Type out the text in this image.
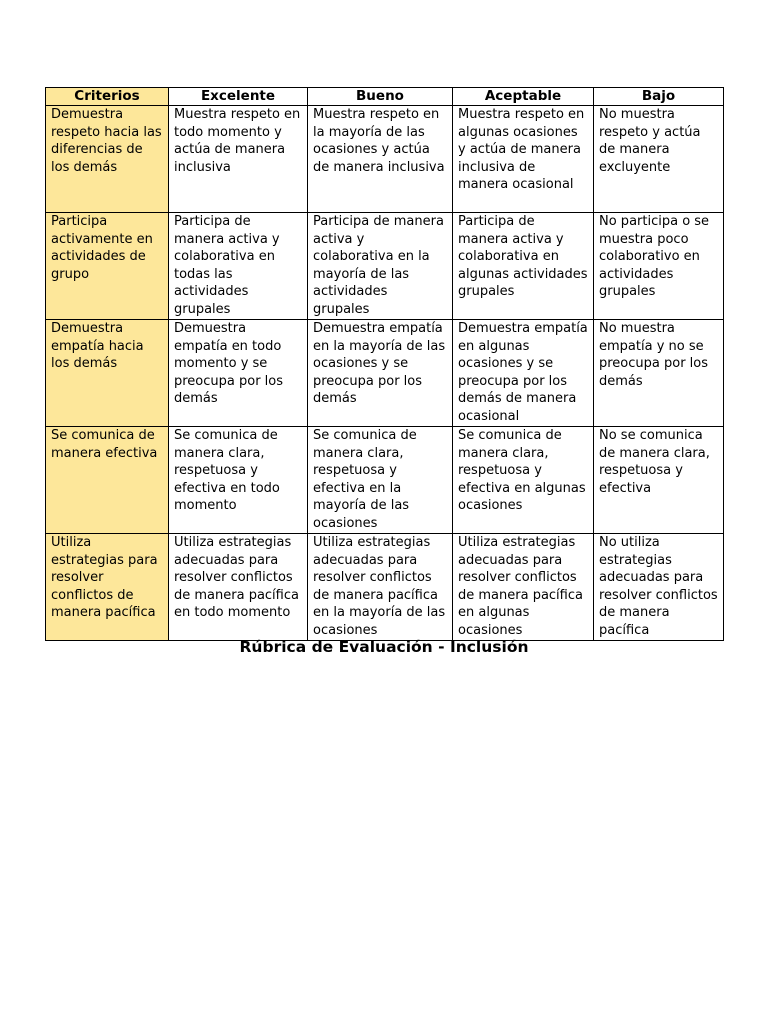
Criterios	Excelente	Bueno	Aceptable	Bajo
Demuestra respeto hacia las diferencias de los demás	Muestra respeto en todo momento y actúa de manera inclusiva	Muestra respeto en la mayoría de las ocasiones y actúa de manera inclusiva	Muestra respeto en algunas ocasiones y actúa de manera inclusiva de manera ocasional	No muestra respeto y actúa de manera excluyente
Participa activamente en actividades de grupo	Participa de manera activa y colaborativa en todas las actividades grupales	Participa de manera activa y colaborativa en la mayoría de las actividades grupales	Participa de manera activa y colaborativa en algunas actividades grupales	No participa o se muestra poco colaborativo en actividades grupales
Demuestra empatía hacia los demás	Demuestra empatía en todo momento y se preocupa por los demás	Demuestra empatía en la mayoría de las ocasiones y se preocupa por los demás	Demuestra empatía en algunas ocasiones y se preocupa por los demás de manera ocasional	No muestra empatía y no se preocupa por los demás
Se comunica de manera efectiva	Se comunica de manera clara, respetuosa y efectiva en todo momento	Se comunica de manera clara, respetuosa y efectiva en la mayoría de las ocasiones	Se comunica de manera clara, respetuosa y efectiva en algunas ocasiones	No se comunica de manera clara, respetuosa y efectiva
Utiliza estrategias para resolver conflictos de manera pacífica	Utiliza estrategias adecuadas para resolver conflictos de manera pacífica en todo momento	Utiliza estrategias adecuadas para resolver conflictos de manera pacífica en la mayoría de las ocasiones	Utiliza estrategias adecuadas para resolver conflictos de manera pacífica en algunas ocasiones	No utiliza estrategias adecuadas para resolver conflictos de manera pacífica
Rúbrica de Evaluación - Inclusión
